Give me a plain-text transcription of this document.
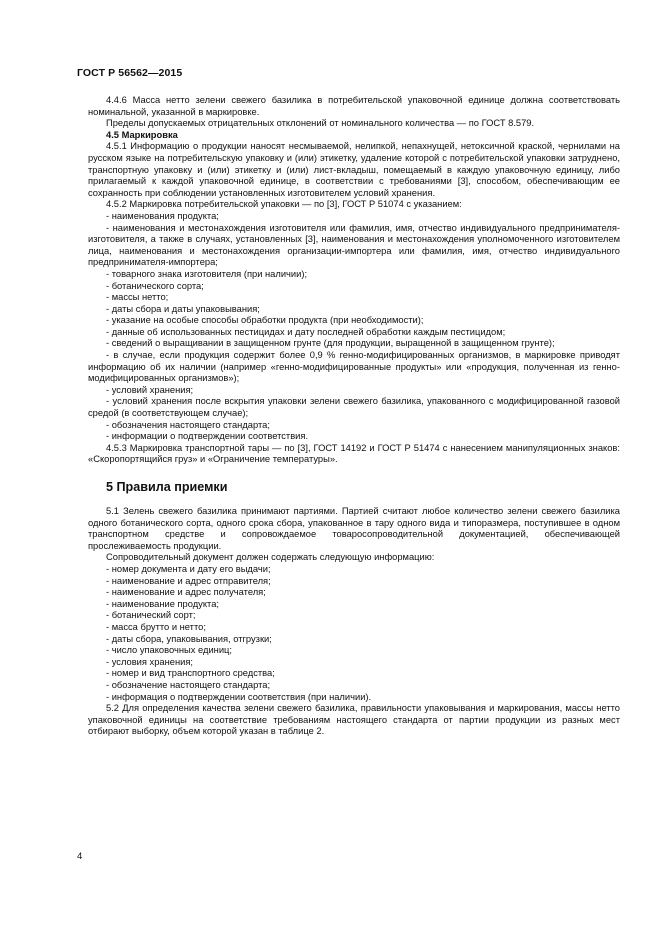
ГОСТ Р 56562—2015

4.4.6 Масса нетто зелени свежего базилика в потребительской упаковочной единице должна соответствовать номинальной, указанной в маркировке.

Пределы допускаемых отрицательных отклонений от номинального количества — по ГОСТ 8.579.

4.5 Маркировка

4.5.1 Информацию о продукции наносят несмываемой, нелипкой, непахнущей, нетоксичной краской, чернилами на русском языке на потребительскую упаковку и (или) этикетку, удаление которой с потребительской упаковки затруднено, транспортную упаковку и (или) этикетку и (или) лист-вкладыш, помещаемый в каждую упаковочную единицу, либо прилагаемый к каждой упаковочной единице, в соответствии с требованиями [3], способом, обеспечивающим ее сохранность при соблюдении установленных изготовителем условий хранения.

4.5.2 Маркировка потребительской упаковки — по [3], ГОСТ Р 51074 с указанием:

- наименования продукта;

- наименования и местонахождения изготовителя или фамилия, имя, отчество индивидуального предпринимателя-изготовителя, а также в случаях, установленных [3], наименования и местонахождения уполномоченного изготовителем лица, наименования и местонахождения организации-импортера или фамилия, имя, отчество индивидуального предпринимателя-импортера;

- товарного знака изготовителя (при наличии);

- ботанического сорта;

- массы нетто;

- даты сбора и даты упаковывания;

- указание на особые способы обработки продукта (при необходимости);

- данные об использованных пестицидах и дату последней обработки каждым пестицидом;

- сведений о выращивании в защищенном грунте (для продукции, выращенной в защищенном грунте);

- в случае, если продукция содержит более 0,9 % генно-модифицированных организмов, в маркировке приводят информацию об их наличии (например «генно-модифицированные продукты» или «продукция, полученная из генно-модифицированных организмов»);

- условий хранения;

- условий хранения после вскрытия упаковки зелени свежего базилика, упакованного с модифицированной газовой средой (в соответствующем случае);

- обозначения настоящего стандарта;

- информации о подтверждении соответствия.

4.5.3 Маркировка транспортной тары — по [3], ГОСТ 14192 и ГОСТ Р 51474 с нанесением манипуляционных знаков: «Скоропортящийся груз» и «Ограничение температуры».

5 Правила приемки

5.1 Зелень свежего базилика принимают партиями. Партией считают любое количество зелени свежего базилика одного ботанического сорта, одного срока сбора, упакованное в тару одного вида и типоразмера, поступившее в одном транспортном средстве и сопровождаемое товаросопроводительной документацией, обеспечивающей прослеживаемость продукции.

Сопроводительный документ должен содержать следующую информацию:

- номер документа и дату его выдачи;

- наименование и адрес отправителя;

- наименование и адрес получателя;

- наименование продукта;

- ботанический сорт;

- масса брутто и нетто;

- даты сбора, упаковывания, отгрузки;

- число упаковочных единиц;

- условия хранения;

- номер и вид транспортного средства;

- обозначение настоящего стандарта;

- информация о подтверждении соответствия (при наличии).

5.2 Для определения качества зелени свежего базилика, правильности упаковывания и маркирования, массы нетто упаковочной единицы на соответствие требованиям настоящего стандарта от партии продукции из разных мест отбирают выборку, объем которой указан в таблице 2.

4
